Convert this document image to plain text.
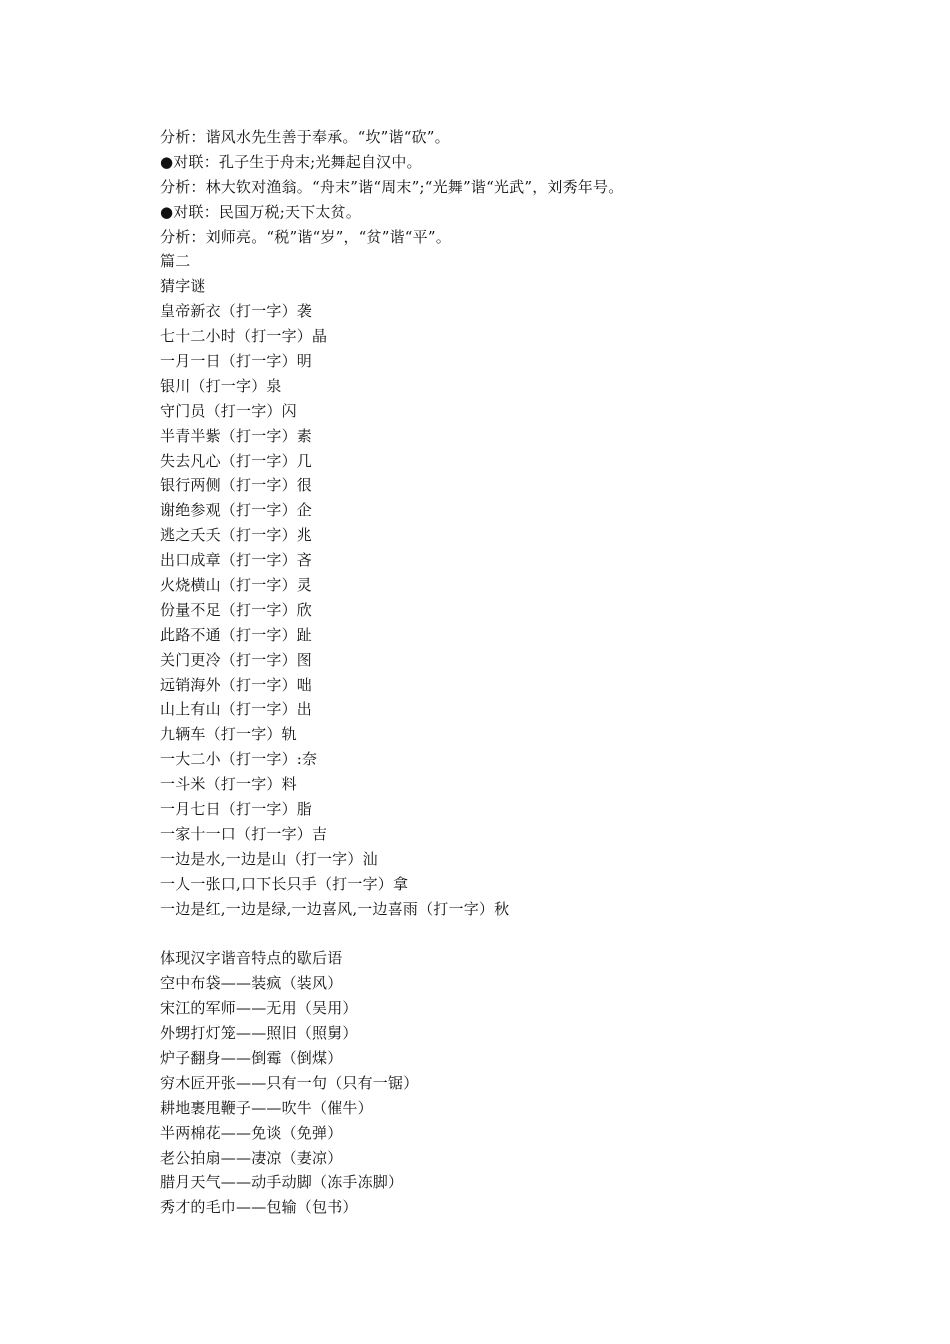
分析：谐风水先生善于奉承。“坎”谐“砍”。
●对联：孔子生于舟末;光舞起自汉中。
分析：林大钦对渔翁。“舟末”谐“周末”;“光舞”谐“光武”，刘秀年号。
●对联：民国万税;天下太贫。
分析：刘师亮。“税”谐“岁”，“贫”谐“平”。
篇二
猜字谜
皇帝新衣（打一字）袭
七十二小时（打一字）晶
一月一日（打一字）明
银川（打一字）泉
守门员（打一字）闪
半青半紫（打一字）素
失去凡心（打一字）几
银行两侧（打一字）很
谢绝参观（打一字）企
逃之夭夭（打一字）兆
出口成章（打一字）吝
火烧横山（打一字）灵
份量不足（打一字）欣
此路不通（打一字）趾
关门更冷（打一字）图
远销海外（打一字）咄
山上有山（打一字）出
九辆车（打一字）轨
一大二小（打一字）:奈
一斗米（打一字）料
一月七日（打一字）脂
一家十一口（打一字）吉
一边是水,一边是山（打一字）汕
一人一张口,口下长只手（打一字）拿
一边是红,一边是绿,一边喜风,一边喜雨（打一字）秋
体现汉字谐音特点的歇后语
空中布袋——装疯（装风）
宋江的军师——无用（吴用）
外甥打灯笼——照旧（照舅）
炉子翻身——倒霉（倒煤）
穷木匠开张——只有一句（只有一锯）
耕地裹甩鞭子——吹牛（催牛）
半两棉花——免谈（免弹）
老公拍扇——凄凉（妻凉）
腊月天气——动手动脚（冻手冻脚）
秀才的毛巾——包输（包书）
